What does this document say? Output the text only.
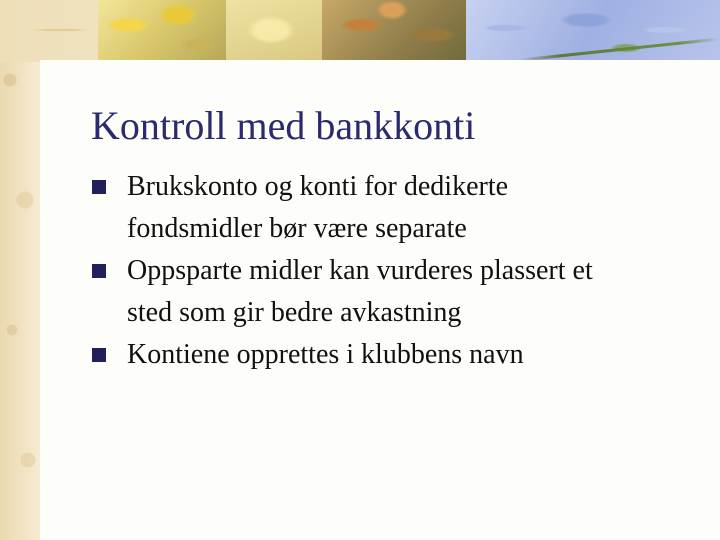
Kontroll med bankkonti
Brukskonto og konti for dedikerte
fondsmidler bør være separate
Oppsparte midler kan vurderes plassert et
sted som gir bedre avkastning
Kontiene opprettes i klubbens navn
